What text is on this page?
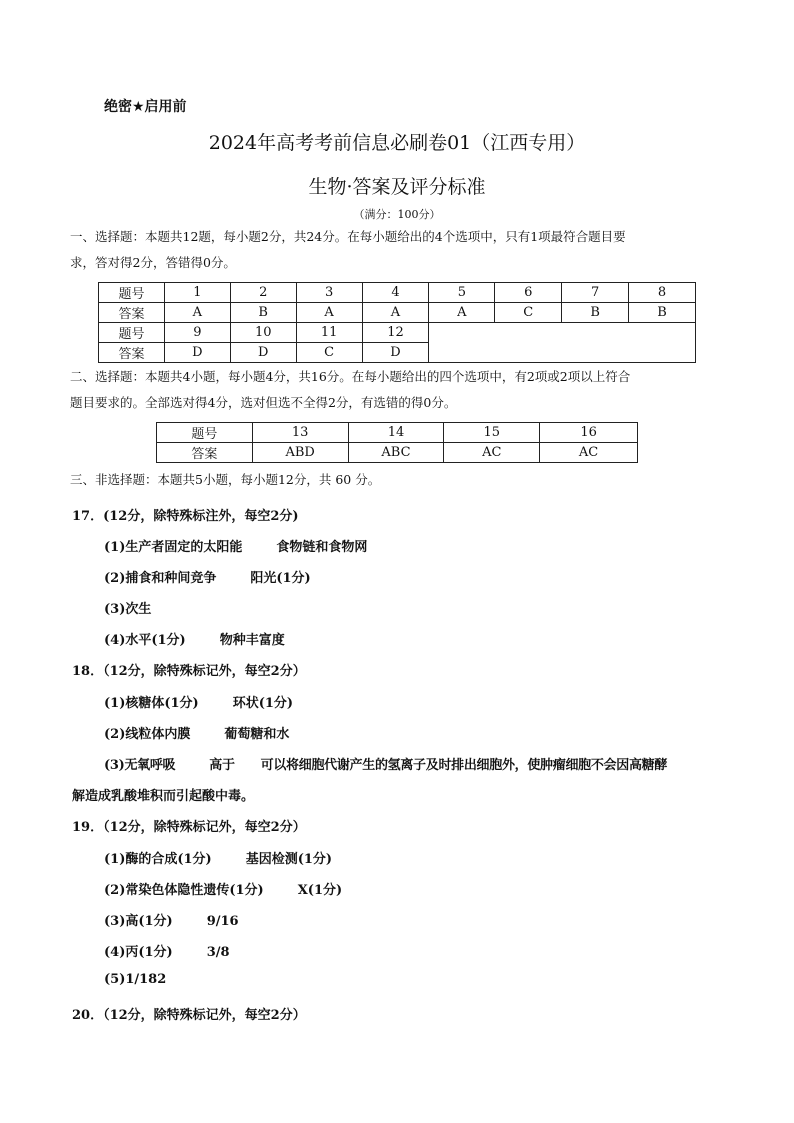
绝密★启用前
2024年高考考前信息必刷卷01（江西专用）
生物·答案及评分标准
（满分：100分）
一、选择题：本题共12题，每小题2分，共24分。在每小题给出的4个选项中，只有1项最符合题目要
求，答对得2分，答错得0分。
题号	1	2	3	4	5	6	7	8
答案	A	B	A	A	A	C	B	B
题号	9	10	11	12				
答案	D	D	C	D				
二、选择题：本题共4小题，每小题4分，共16分。在每小题给出的四个选项中，有2项或2项以上符合
题目要求的。全部选对得4分，选对但选不全得2分，有选错的得0分。
题号	13	14	15	16
答案	ABD	ABC	AC	AC
三、非选择题：本题共5小题，每小题12分，共 60 分。
17．(12分，除特殊标注外，每空2分)
(1)生产者固定的太阳能	食物链和食物网
(2)捕食和种间竞争	阳光(1分)
(3)次生
(4)水平(1分)	物种丰富度
18．（12分，除特殊标记外，每空2分）
(1)核糖体(1分)	环状(1分)
(2)线粒体内膜	葡萄糖和水
(3)无氧呼吸	高于 可以将细胞代谢产生的氢离子及时排出细胞外，使肿瘤细胞不会因高糖酵
解造成乳酸堆积而引起酸中毒。
19．（12分，除特殊标记外，每空2分）
(1)酶的合成(1分)	基因检测(1分)
(2)常染色体隐性遗传(1分)	X(1分)
(3)高(1分)	9/16
(4)丙(1分)	3/8
(5)1/182
20．（12分，除特殊标记外，每空2分）
